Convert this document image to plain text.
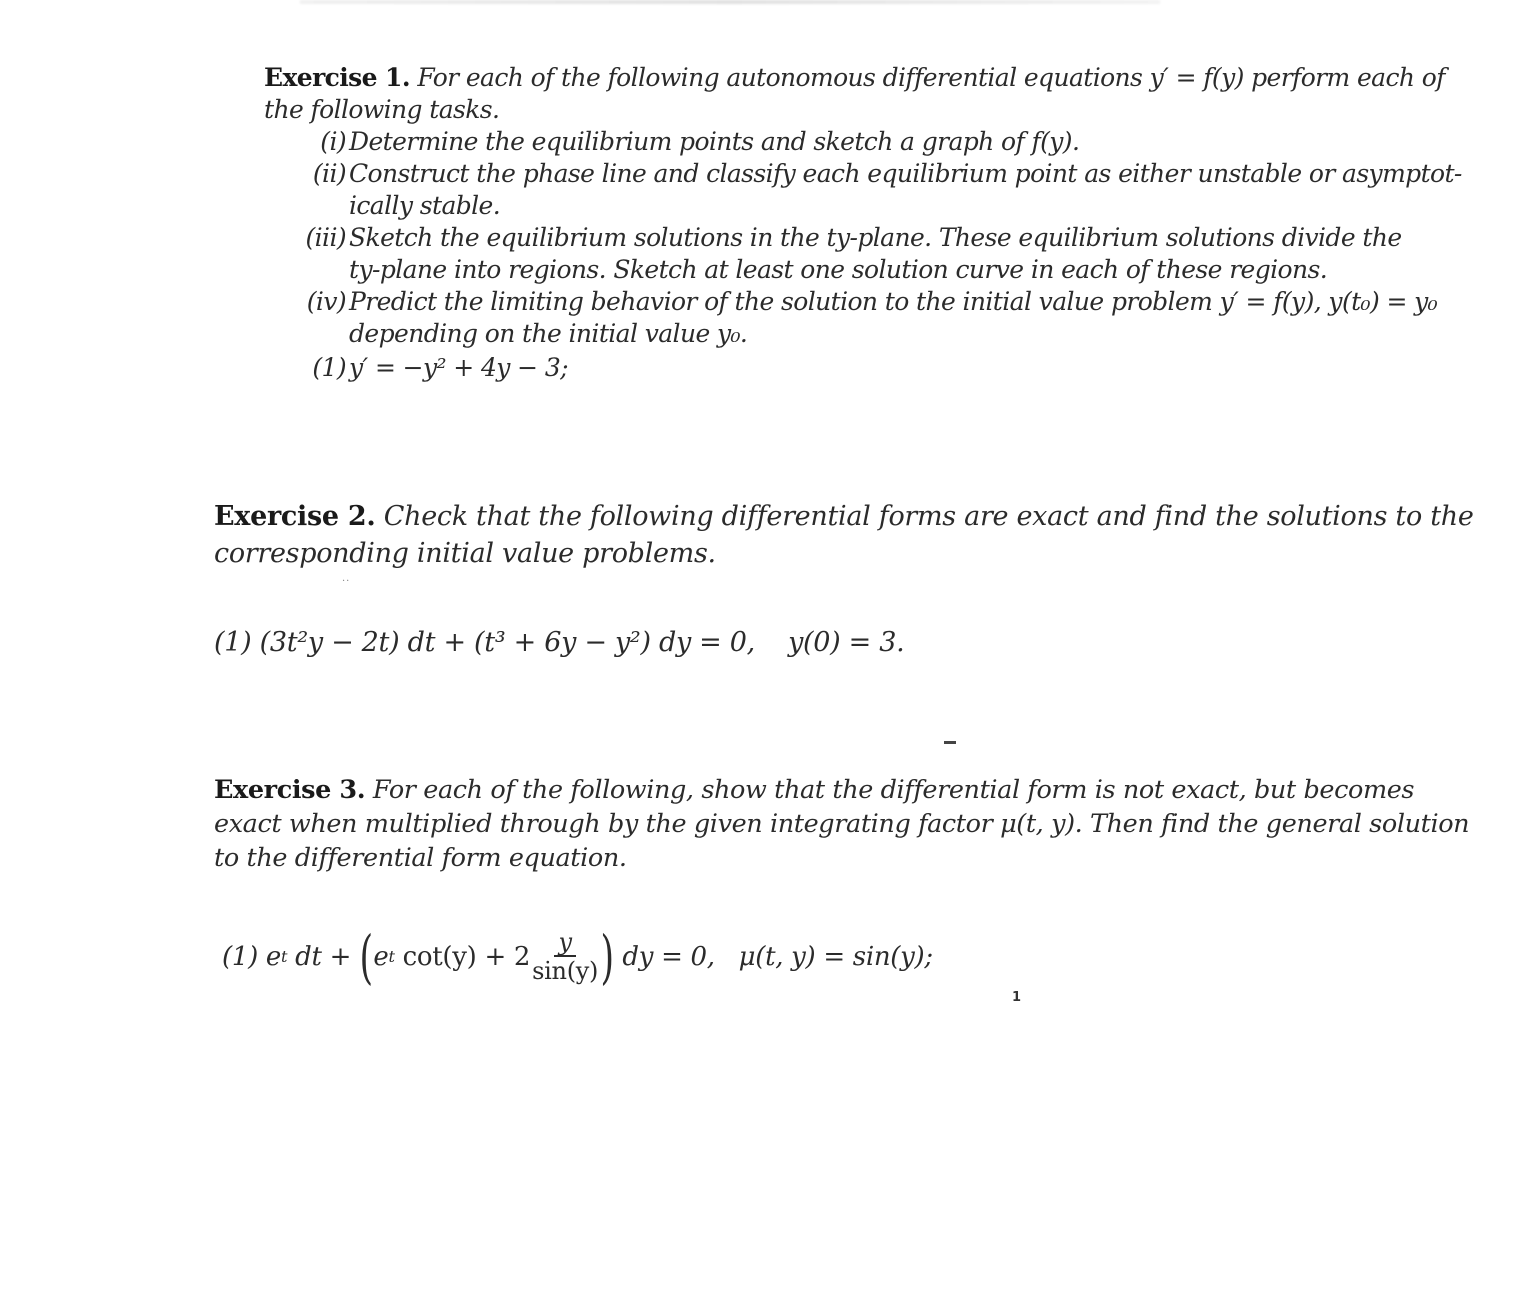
Exercise 1. For each of the following autonomous differential equations y′ = f(y) perform each of
the following tasks.
(i) Determine the equilibrium points and sketch a graph of f(y).
(ii) Construct the phase line and classify each equilibrium point as either unstable or asymptot-
ically stable.
(iii) Sketch the equilibrium solutions in the ty-plane. These equilibrium solutions divide the
ty-plane into regions. Sketch at least one solution curve in each of these regions.
(iv) Predict the limiting behavior of the solution to the initial value problem y′ = f(y), y(t₀) = y₀
depending on the initial value y₀.
(1) y′ = −y² + 4y − 3;
Exercise 2. Check that the following differential forms are exact and find the solutions to the
corresponding initial value problems.
··
(1) (3t²y − 2t) dt + (t³ + 6y − y²) dy = 0, y(0) = 3.
Exercise 3. For each of the following, show that the differential form is not exact, but becomes
exact when multiplied through by the given integrating factor μ(t, y). Then find the general solution
to the differential form equation.
(1)
e t dt + ( e t $\cot(y) + 2 \frac{y}{\sin(y)}$ ) dy = 0,
μ(t, y) = sin(y);
1
